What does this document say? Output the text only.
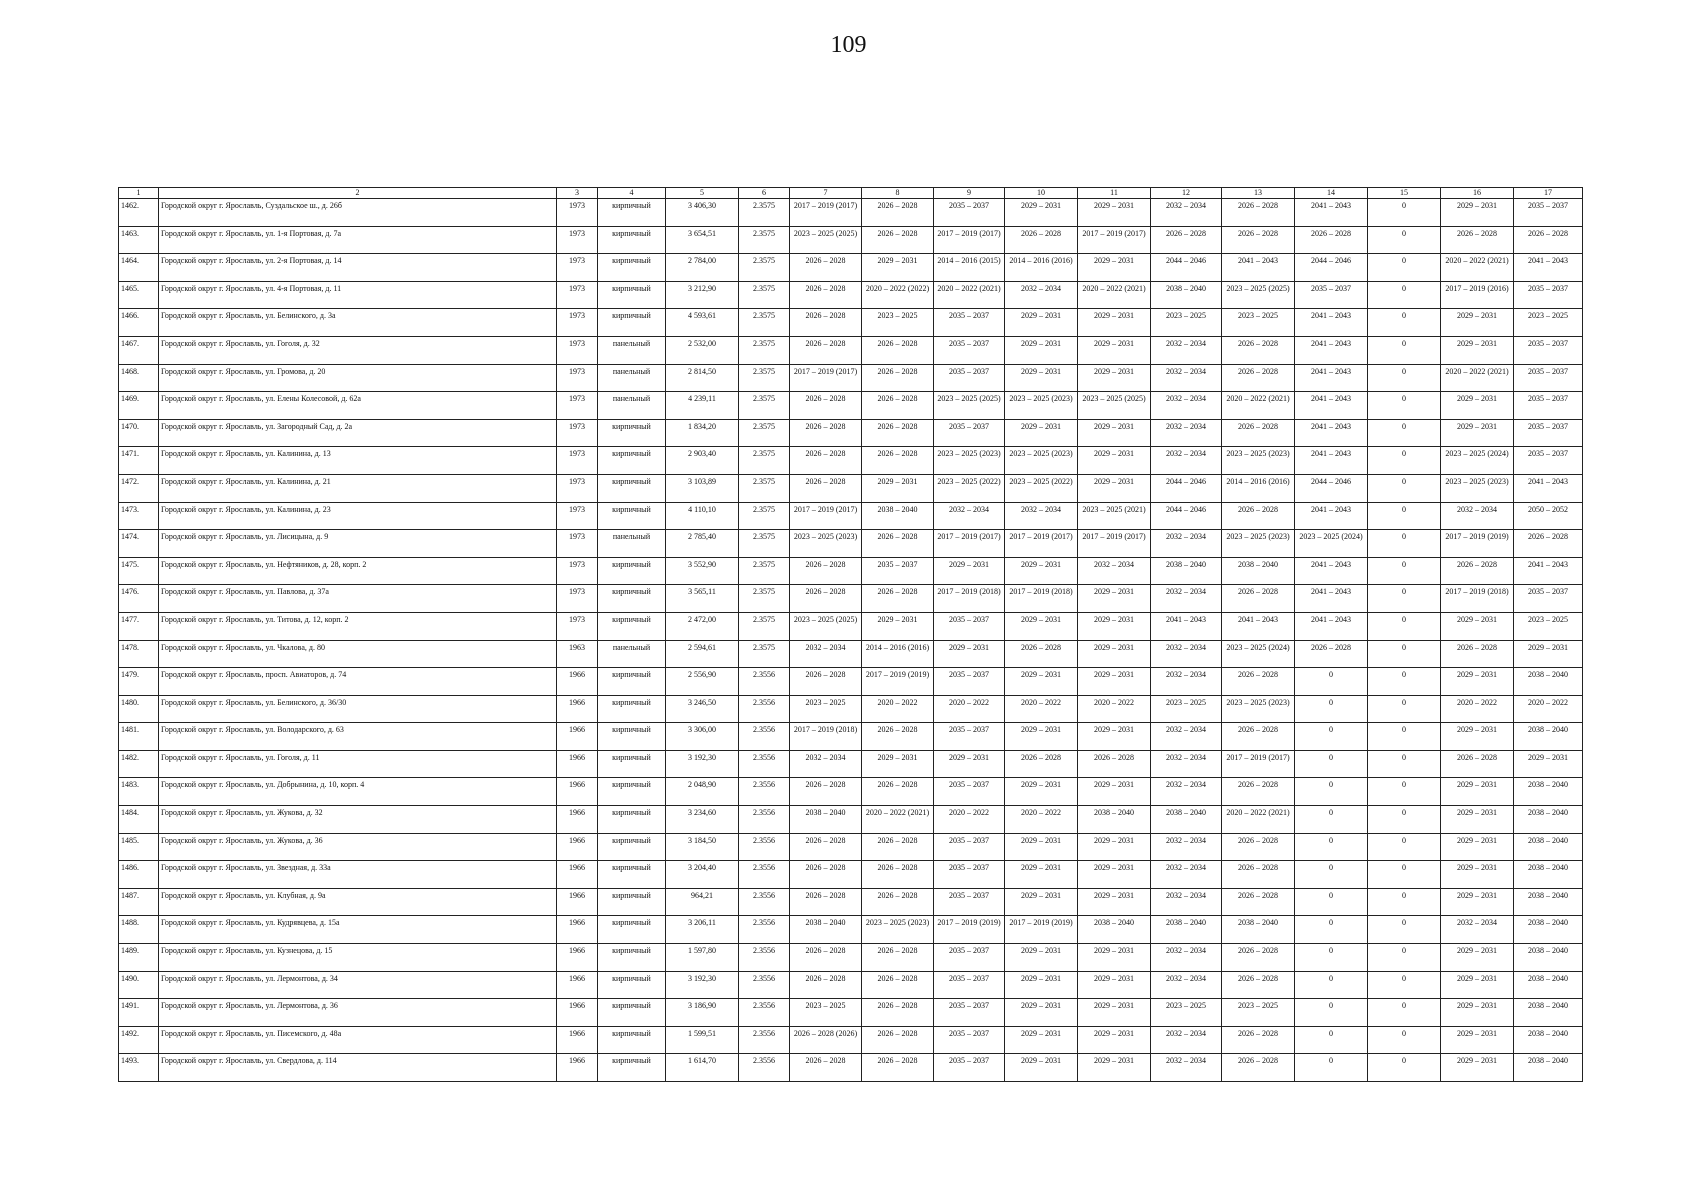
109
1	2	3	4	5	6	7	8	9	10	11	12	13	14	15	16	17
1462.	Городской округ г. Ярославль, Суздальское ш., д. 26б	1973	кирпичный	3 406,30	2.3575	2017 – 2019 (2017)	2026 – 2028	2035 – 2037	2029 – 2031	2029 – 2031	2032 – 2034	2026 – 2028	2041 – 2043	0	2029 – 2031	2035 – 2037
1463.	Городской округ г. Ярославль, ул. 1-я Портовая, д. 7а	1973	кирпичный	3 654,51	2.3575	2023 – 2025 (2025)	2026 – 2028	2017 – 2019 (2017)	2026 – 2028	2017 – 2019 (2017)	2026 – 2028	2026 – 2028	2026 – 2028	0	2026 – 2028	2026 – 2028
1464.	Городской округ г. Ярославль, ул. 2-я Портовая, д. 14	1973	кирпичный	2 784,00	2.3575	2026 – 2028	2029 – 2031	2014 – 2016 (2015)	2014 – 2016 (2016)	2029 – 2031	2044 – 2046	2041 – 2043	2044 – 2046	0	2020 – 2022 (2021)	2041 – 2043
1465.	Городской округ г. Ярославль, ул. 4-я Портовая, д. 11	1973	кирпичный	3 212,90	2.3575	2026 – 2028	2020 – 2022 (2022)	2020 – 2022 (2021)	2032 – 2034	2020 – 2022 (2021)	2038 – 2040	2023 – 2025 (2025)	2035 – 2037	0	2017 – 2019 (2016)	2035 – 2037
1466.	Городской округ г. Ярославль, ул. Белинского, д. 3а	1973	кирпичный	4 593,61	2.3575	2026 – 2028	2023 – 2025	2035 – 2037	2029 – 2031	2029 – 2031	2023 – 2025	2023 – 2025	2041 – 2043	0	2029 – 2031	2023 – 2025
1467.	Городской округ г. Ярославль, ул. Гоголя, д. 32	1973	панельный	2 532,00	2.3575	2026 – 2028	2026 – 2028	2035 – 2037	2029 – 2031	2029 – 2031	2032 – 2034	2026 – 2028	2041 – 2043	0	2029 – 2031	2035 – 2037
1468.	Городской округ г. Ярославль, ул. Громова, д. 20	1973	панельный	2 814,50	2.3575	2017 – 2019 (2017)	2026 – 2028	2035 – 2037	2029 – 2031	2029 – 2031	2032 – 2034	2026 – 2028	2041 – 2043	0	2020 – 2022 (2021)	2035 – 2037
1469.	Городской округ г. Ярославль, ул. Елены Колесовой, д. 62а	1973	панельный	4 239,11	2.3575	2026 – 2028	2026 – 2028	2023 – 2025 (2025)	2023 – 2025 (2023)	2023 – 2025 (2025)	2032 – 2034	2020 – 2022 (2021)	2041 – 2043	0	2029 – 2031	2035 – 2037
1470.	Городской округ г. Ярославль, ул. Загородный Сад, д. 2а	1973	кирпичный	1 834,20	2.3575	2026 – 2028	2026 – 2028	2035 – 2037	2029 – 2031	2029 – 2031	2032 – 2034	2026 – 2028	2041 – 2043	0	2029 – 2031	2035 – 2037
1471.	Городской округ г. Ярославль, ул. Калинина, д. 13	1973	кирпичный	2 903,40	2.3575	2026 – 2028	2026 – 2028	2023 – 2025 (2023)	2023 – 2025 (2023)	2029 – 2031	2032 – 2034	2023 – 2025 (2023)	2041 – 2043	0	2023 – 2025 (2024)	2035 – 2037
1472.	Городской округ г. Ярославль, ул. Калинина, д. 21	1973	кирпичный	3 103,89	2.3575	2026 – 2028	2029 – 2031	2023 – 2025 (2022)	2023 – 2025 (2022)	2029 – 2031	2044 – 2046	2014 – 2016 (2016)	2044 – 2046	0	2023 – 2025 (2023)	2041 – 2043
1473.	Городской округ г. Ярославль, ул. Калинина, д. 23	1973	кирпичный	4 110,10	2.3575	2017 – 2019 (2017)	2038 – 2040	2032 – 2034	2032 – 2034	2023 – 2025 (2021)	2044 – 2046	2026 – 2028	2041 – 2043	0	2032 – 2034	2050 – 2052
1474.	Городской округ г. Ярославль, ул. Лисицына, д. 9	1973	панельный	2 785,40	2.3575	2023 – 2025 (2023)	2026 – 2028	2017 – 2019 (2017)	2017 – 2019 (2017)	2017 – 2019 (2017)	2032 – 2034	2023 – 2025 (2023)	2023 – 2025 (2024)	0	2017 – 2019 (2019)	2026 – 2028
1475.	Городской округ г. Ярославль, ул. Нефтяников, д. 28, корп. 2	1973	кирпичный	3 552,90	2.3575	2026 – 2028	2035 – 2037	2029 – 2031	2029 – 2031	2032 – 2034	2038 – 2040	2038 – 2040	2041 – 2043	0	2026 – 2028	2041 – 2043
1476.	Городской округ г. Ярославль, ул. Павлова, д. 37а	1973	кирпичный	3 565,11	2.3575	2026 – 2028	2026 – 2028	2017 – 2019 (2018)	2017 – 2019 (2018)	2029 – 2031	2032 – 2034	2026 – 2028	2041 – 2043	0	2017 – 2019 (2018)	2035 – 2037
1477.	Городской округ г. Ярославль, ул. Титова, д. 12, корп. 2	1973	кирпичный	2 472,00	2.3575	2023 – 2025 (2025)	2029 – 2031	2035 – 2037	2029 – 2031	2029 – 2031	2041 – 2043	2041 – 2043	2041 – 2043	0	2029 – 2031	2023 – 2025
1478.	Городской округ г. Ярославль, ул. Чкалова, д. 80	1963	панельный	2 594,61	2.3575	2032 – 2034	2014 – 2016 (2016)	2029 – 2031	2026 – 2028	2029 – 2031	2032 – 2034	2023 – 2025 (2024)	2026 – 2028	0	2026 – 2028	2029 – 2031
1479.	Городской округ г. Ярославль, просп. Авиаторов, д. 74	1966	кирпичный	2 556,90	2.3556	2026 – 2028	2017 – 2019 (2019)	2035 – 2037	2029 – 2031	2029 – 2031	2032 – 2034	2026 – 2028	0	0	2029 – 2031	2038 – 2040
1480.	Городской округ г. Ярославль, ул. Белинского, д. 36/30	1966	кирпичный	3 246,50	2.3556	2023 – 2025	2020 – 2022	2020 – 2022	2020 – 2022	2020 – 2022	2023 – 2025	2023 – 2025 (2023)	0	0	2020 – 2022	2020 – 2022
1481.	Городской округ г. Ярославль, ул. Володарского, д. 63	1966	кирпичный	3 306,00	2.3556	2017 – 2019 (2018)	2026 – 2028	2035 – 2037	2029 – 2031	2029 – 2031	2032 – 2034	2026 – 2028	0	0	2029 – 2031	2038 – 2040
1482.	Городской округ г. Ярославль, ул. Гоголя, д. 11	1966	кирпичный	3 192,30	2.3556	2032 – 2034	2029 – 2031	2029 – 2031	2026 – 2028	2026 – 2028	2032 – 2034	2017 – 2019 (2017)	0	0	2026 – 2028	2029 – 2031
1483.	Городской округ г. Ярославль, ул. Добрынина, д. 10, корп. 4	1966	кирпичный	2 048,90	2.3556	2026 – 2028	2026 – 2028	2035 – 2037	2029 – 2031	2029 – 2031	2032 – 2034	2026 – 2028	0	0	2029 – 2031	2038 – 2040
1484.	Городской округ г. Ярославль, ул. Жукова, д. 32	1966	кирпичный	3 234,60	2.3556	2038 – 2040	2020 – 2022 (2021)	2020 – 2022	2020 – 2022	2038 – 2040	2038 – 2040	2020 – 2022 (2021)	0	0	2029 – 2031	2038 – 2040
1485.	Городской округ г. Ярославль, ул. Жукова, д. 36	1966	кирпичный	3 184,50	2.3556	2026 – 2028	2026 – 2028	2035 – 2037	2029 – 2031	2029 – 2031	2032 – 2034	2026 – 2028	0	0	2029 – 2031	2038 – 2040
1486.	Городской округ г. Ярославль, ул. Звездная, д. 33а	1966	кирпичный	3 204,40	2.3556	2026 – 2028	2026 – 2028	2035 – 2037	2029 – 2031	2029 – 2031	2032 – 2034	2026 – 2028	0	0	2029 – 2031	2038 – 2040
1487.	Городской округ г. Ярославль, ул. Клубная, д. 9а	1966	кирпичный	964,21	2.3556	2026 – 2028	2026 – 2028	2035 – 2037	2029 – 2031	2029 – 2031	2032 – 2034	2026 – 2028	0	0	2029 – 2031	2038 – 2040
1488.	Городской округ г. Ярославль, ул. Кудрявцева, д. 15а	1966	кирпичный	3 206,11	2.3556	2038 – 2040	2023 – 2025 (2023)	2017 – 2019 (2019)	2017 – 2019 (2019)	2038 – 2040	2038 – 2040	2038 – 2040	0	0	2032 – 2034	2038 – 2040
1489.	Городской округ г. Ярославль, ул. Кузнецова, д. 15	1966	кирпичный	1 597,80	2.3556	2026 – 2028	2026 – 2028	2035 – 2037	2029 – 2031	2029 – 2031	2032 – 2034	2026 – 2028	0	0	2029 – 2031	2038 – 2040
1490.	Городской округ г. Ярославль, ул. Лермонтова, д. 34	1966	кирпичный	3 192,30	2.3556	2026 – 2028	2026 – 2028	2035 – 2037	2029 – 2031	2029 – 2031	2032 – 2034	2026 – 2028	0	0	2029 – 2031	2038 – 2040
1491.	Городской округ г. Ярославль, ул. Лермонтова, д. 36	1966	кирпичный	3 186,90	2.3556	2023 – 2025	2026 – 2028	2035 – 2037	2029 – 2031	2029 – 2031	2023 – 2025	2023 – 2025	0	0	2029 – 2031	2038 – 2040
1492.	Городской округ г. Ярославль, ул. Писемского, д. 48а	1966	кирпичный	1 599,51	2.3556	2026 – 2028 (2026)	2026 – 2028	2035 – 2037	2029 – 2031	2029 – 2031	2032 – 2034	2026 – 2028	0	0	2029 – 2031	2038 – 2040
1493.	Городской округ г. Ярославль, ул. Свердлова, д. 114	1966	кирпичный	1 614,70	2.3556	2026 – 2028	2026 – 2028	2035 – 2037	2029 – 2031	2029 – 2031	2032 – 2034	2026 – 2028	0	0	2029 – 2031	2038 – 2040
